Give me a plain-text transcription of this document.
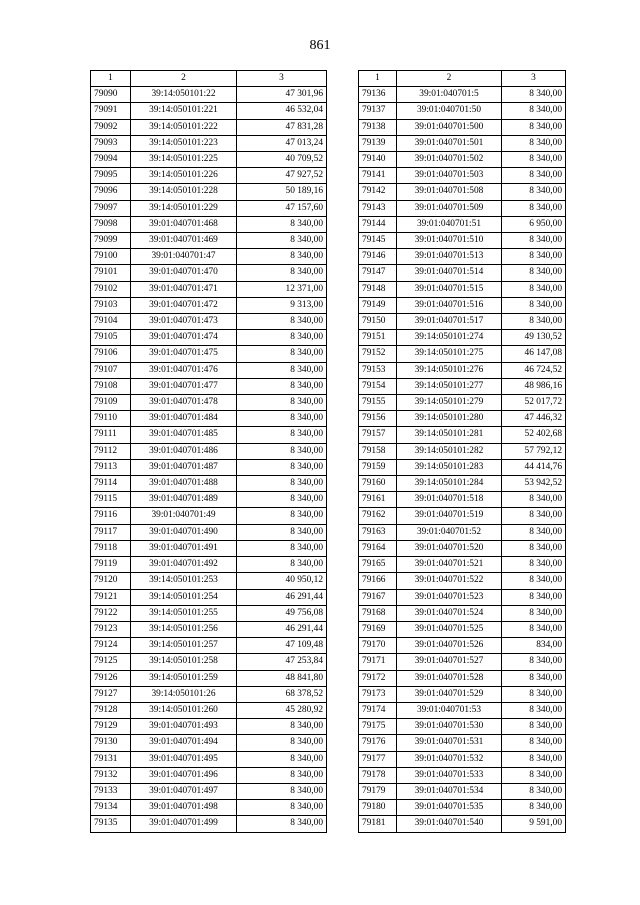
861
1	2	3
79090	39:14:050101:22	47 301,96
79091	39:14:050101:221	46 532,04
79092	39:14:050101:222	47 831,28
79093	39:14:050101:223	47 013,24
79094	39:14:050101:225	40 709,52
79095	39:14:050101:226	47 927,52
79096	39:14:050101:228	50 189,16
79097	39:14:050101:229	47 157,60
79098	39:01:040701:468	8 340,00
79099	39:01:040701:469	8 340,00
79100	39:01:040701:47	8 340,00
79101	39:01:040701:470	8 340,00
79102	39:01:040701:471	12 371,00
79103	39:01:040701:472	9 313,00
79104	39:01:040701:473	8 340,00
79105	39:01:040701:474	8 340,00
79106	39:01:040701:475	8 340,00
79107	39:01:040701:476	8 340,00
79108	39:01:040701:477	8 340,00
79109	39:01:040701:478	8 340,00
79110	39:01:040701:484	8 340,00
79111	39:01:040701:485	8 340,00
79112	39:01:040701:486	8 340,00
79113	39:01:040701:487	8 340,00
79114	39:01:040701:488	8 340,00
79115	39:01:040701:489	8 340,00
79116	39:01:040701:49	8 340,00
79117	39:01:040701:490	8 340,00
79118	39:01:040701:491	8 340,00
79119	39:01:040701:492	8 340,00
79120	39:14:050101:253	40 950,12
79121	39:14:050101:254	46 291,44
79122	39:14:050101:255	49 756,08
79123	39:14:050101:256	46 291,44
79124	39:14:050101:257	47 109,48
79125	39:14:050101:258	47 253,84
79126	39:14:050101:259	48 841,80
79127	39:14:050101:26	68 378,52
79128	39:14:050101:260	45 280,92
79129	39:01:040701:493	8 340,00
79130	39:01:040701:494	8 340,00
79131	39:01:040701:495	8 340,00
79132	39:01:040701:496	8 340,00
79133	39:01:040701:497	8 340,00
79134	39:01:040701:498	8 340,00
79135	39:01:040701:499	8 340,00
1	2	3
79136	39:01:040701:5	8 340,00
79137	39:01:040701:50	8 340,00
79138	39:01:040701:500	8 340,00
79139	39:01:040701:501	8 340,00
79140	39:01:040701:502	8 340,00
79141	39:01:040701:503	8 340,00
79142	39:01:040701:508	8 340,00
79143	39:01:040701:509	8 340,00
79144	39:01:040701:51	6 950,00
79145	39:01:040701:510	8 340,00
79146	39:01:040701:513	8 340,00
79147	39:01:040701:514	8 340,00
79148	39:01:040701:515	8 340,00
79149	39:01:040701:516	8 340,00
79150	39:01:040701:517	8 340,00
79151	39:14:050101:274	49 130,52
79152	39:14:050101:275	46 147,08
79153	39:14:050101:276	46 724,52
79154	39:14:050101:277	48 986,16
79155	39:14:050101:279	52 017,72
79156	39:14:050101:280	47 446,32
79157	39:14:050101:281	52 402,68
79158	39:14:050101:282	57 792,12
79159	39:14:050101:283	44 414,76
79160	39:14:050101:284	53 942,52
79161	39:01:040701:518	8 340,00
79162	39:01:040701:519	8 340,00
79163	39:01:040701:52	8 340,00
79164	39:01:040701:520	8 340,00
79165	39:01:040701:521	8 340,00
79166	39:01:040701:522	8 340,00
79167	39:01:040701:523	8 340,00
79168	39:01:040701:524	8 340,00
79169	39:01:040701:525	8 340,00
79170	39:01:040701:526	834,00
79171	39:01:040701:527	8 340,00
79172	39:01:040701:528	8 340,00
79173	39:01:040701:529	8 340,00
79174	39:01:040701:53	8 340,00
79175	39:01:040701:530	8 340,00
79176	39:01:040701:531	8 340,00
79177	39:01:040701:532	8 340,00
79178	39:01:040701:533	8 340,00
79179	39:01:040701:534	8 340,00
79180	39:01:040701:535	8 340,00
79181	39:01:040701:540	9 591,00
